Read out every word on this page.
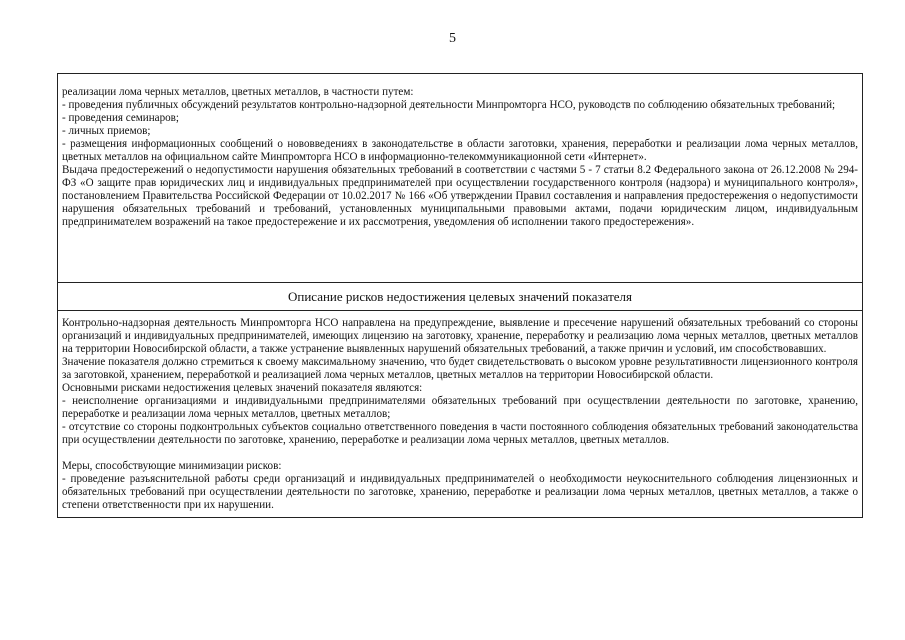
5

реализации лома черных металлов, цветных металлов, в частности путем:

- проведения публичных обсуждений результатов контрольно-надзорной деятельности Минпромторга НСО, руководств по соблюдению обязательных требований;

- проведения семинаров;

- личных приемов;

- размещения информационных сообщений о нововведениях в законодательстве в области заготовки, хранения, переработки и реализации лома черных металлов, цветных металлов на официальном сайте Минпромторга НСО в информационно-телекоммуникационной сети «Интернет».

Выдача предостережений о недопустимости нарушения обязательных требований в соответствии с частями 5 - 7 статьи 8.2 Федерального закона от 26.12.2008 № 294-ФЗ «О защите прав юридических лиц и индивидуальных предпринимателей при осуществлении государственного контроля (надзора) и муниципального контроля», постановлением Правительства Российской Федерации от 10.02.2017 № 166 «Об утверждении Правил составления и направления предостережения о недопустимости нарушения обязательных требований и требований, установленных муниципальными правовыми актами, подачи юридическим лицом, индивидуальным предпринимателем возражений на такое предостережение и их рассмотрения, уведомления об исполнении такого предостережения».

Описание рисков недостижения целевых значений показателя

Контрольно-надзорная деятельность Минпромторга НСО направлена на предупреждение, выявление и пресечение нарушений обязательных требований со стороны организаций и индивидуальных предпринимателей, имеющих лицензию на заготовку, хранение, переработку и реализацию лома черных металлов, цветных металлов на территории Новосибирской области, а также устранение выявленных нарушений обязательных требований, а также причин и условий, им способствовавших.

Значение показателя должно стремиться к своему максимальному значению, что будет свидетельствовать о высоком уровне результативности лицензионного контроля за заготовкой, хранением, переработкой и реализацией лома черных металлов, цветных металлов на территории Новосибирской области.

Основными рисками недостижения целевых значений показателя являются:

- неисполнение организациями и индивидуальными предпринимателями обязательных требований при осуществлении деятельности по заготовке, хранению, переработке и реализации лома черных металлов, цветных металлов;

- отсутствие со стороны подконтрольных субъектов социально ответственного поведения в части постоянного соблюдения обязательных требований законодательства при осуществлении деятельности по заготовке, хранению, переработке и реализации лома черных металлов, цветных металлов.

Меры, способствующие минимизации рисков:

- проведение разъяснительной работы среди организаций и индивидуальных предпринимателей о необходимости неукоснительного соблюдения лицензионных и обязательных требований при осуществлении деятельности по заготовке, хранению, переработке и реализации лома черных металлов, цветных металлов, а также о степени ответственности при их нарушении.
